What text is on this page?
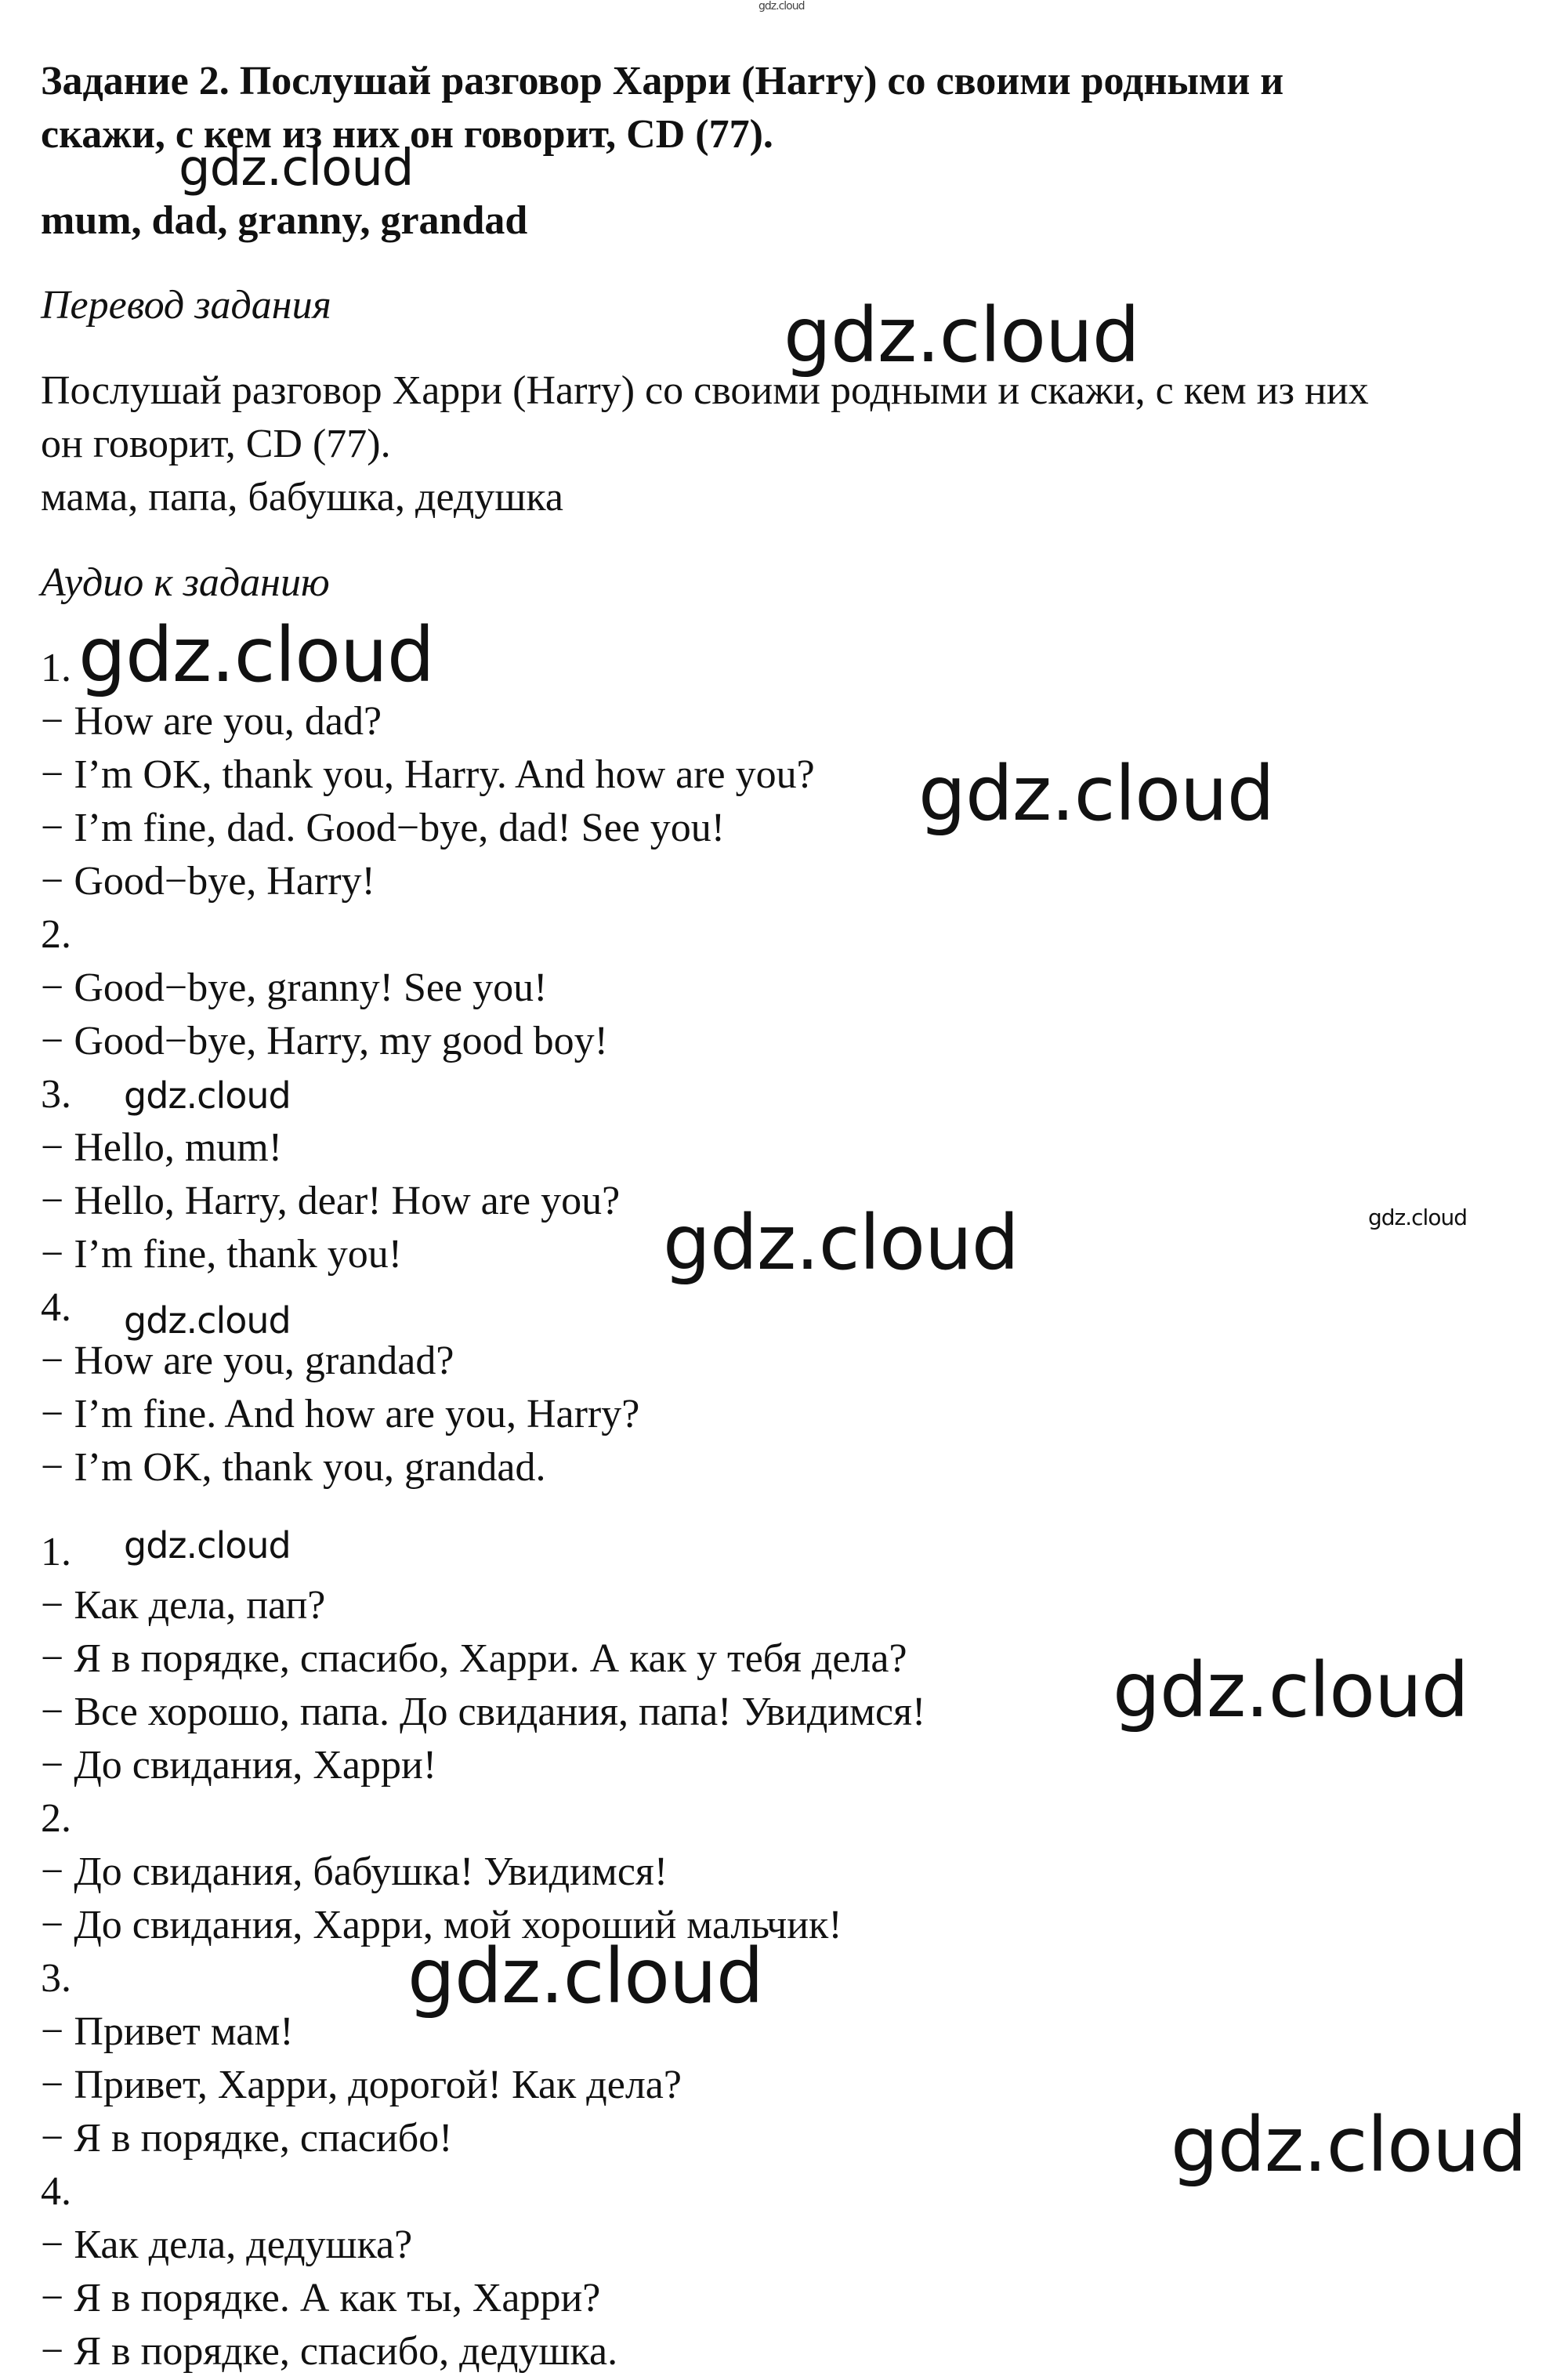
Задание 2. Послушай разговор Харри (Harry) со своими родными и
скажи, с кем из них он говорит, CD (77).
mum, dad, granny, grandad
Перевод задания
Послушай разговор Харри (Harry) со своими родными и скажи, с кем из них
он говорит, CD (77).
мама, папа, бабушка, дедушка
Аудио к заданию
1.
− How are you, dad?
− I’m OK, thank you, Harry. And how are you?
− I’m fine, dad. Good−bye, dad! See you!
− Good−bye, Harry!
2.
− Good−bye, granny! See you!
− Good−bye, Harry, my good boy!
3.
− Hello, mum!
− Hello, Harry, dear! How are you?
− I’m fine, thank you!
4.
− How are you, grandad?
− I’m fine. And how are you, Harry?
− I’m OK, thank you, grandad.
1.
− Как дела, пап?
− Я в порядке, спасибо, Харри. А как у тебя дела?
− Все хорошо, папа. До свидания, папа! Увидимся!
− До свидания, Харри!
2.
− До свидания, бабушка! Увидимся!
− До свидания, Харри, мой хороший мальчик!
3.
− Привет мам!
− Привет, Харри, дорогой! Как дела?
− Я в порядке, спасибо!
4.
− Как дела, дедушка?
− Я в порядке. А как ты, Харри?
− Я в порядке, спасибо, дедушка.
gdz.cloud
gdz.cloud
gdz.cloud
gdz.cloud
gdz.cloud
gdz.cloud
gdz.cloud	gdz.cloud
gdz.cloud
gdz.cloud
gdz.cloud
gdz.cloud
gdz.cloud
